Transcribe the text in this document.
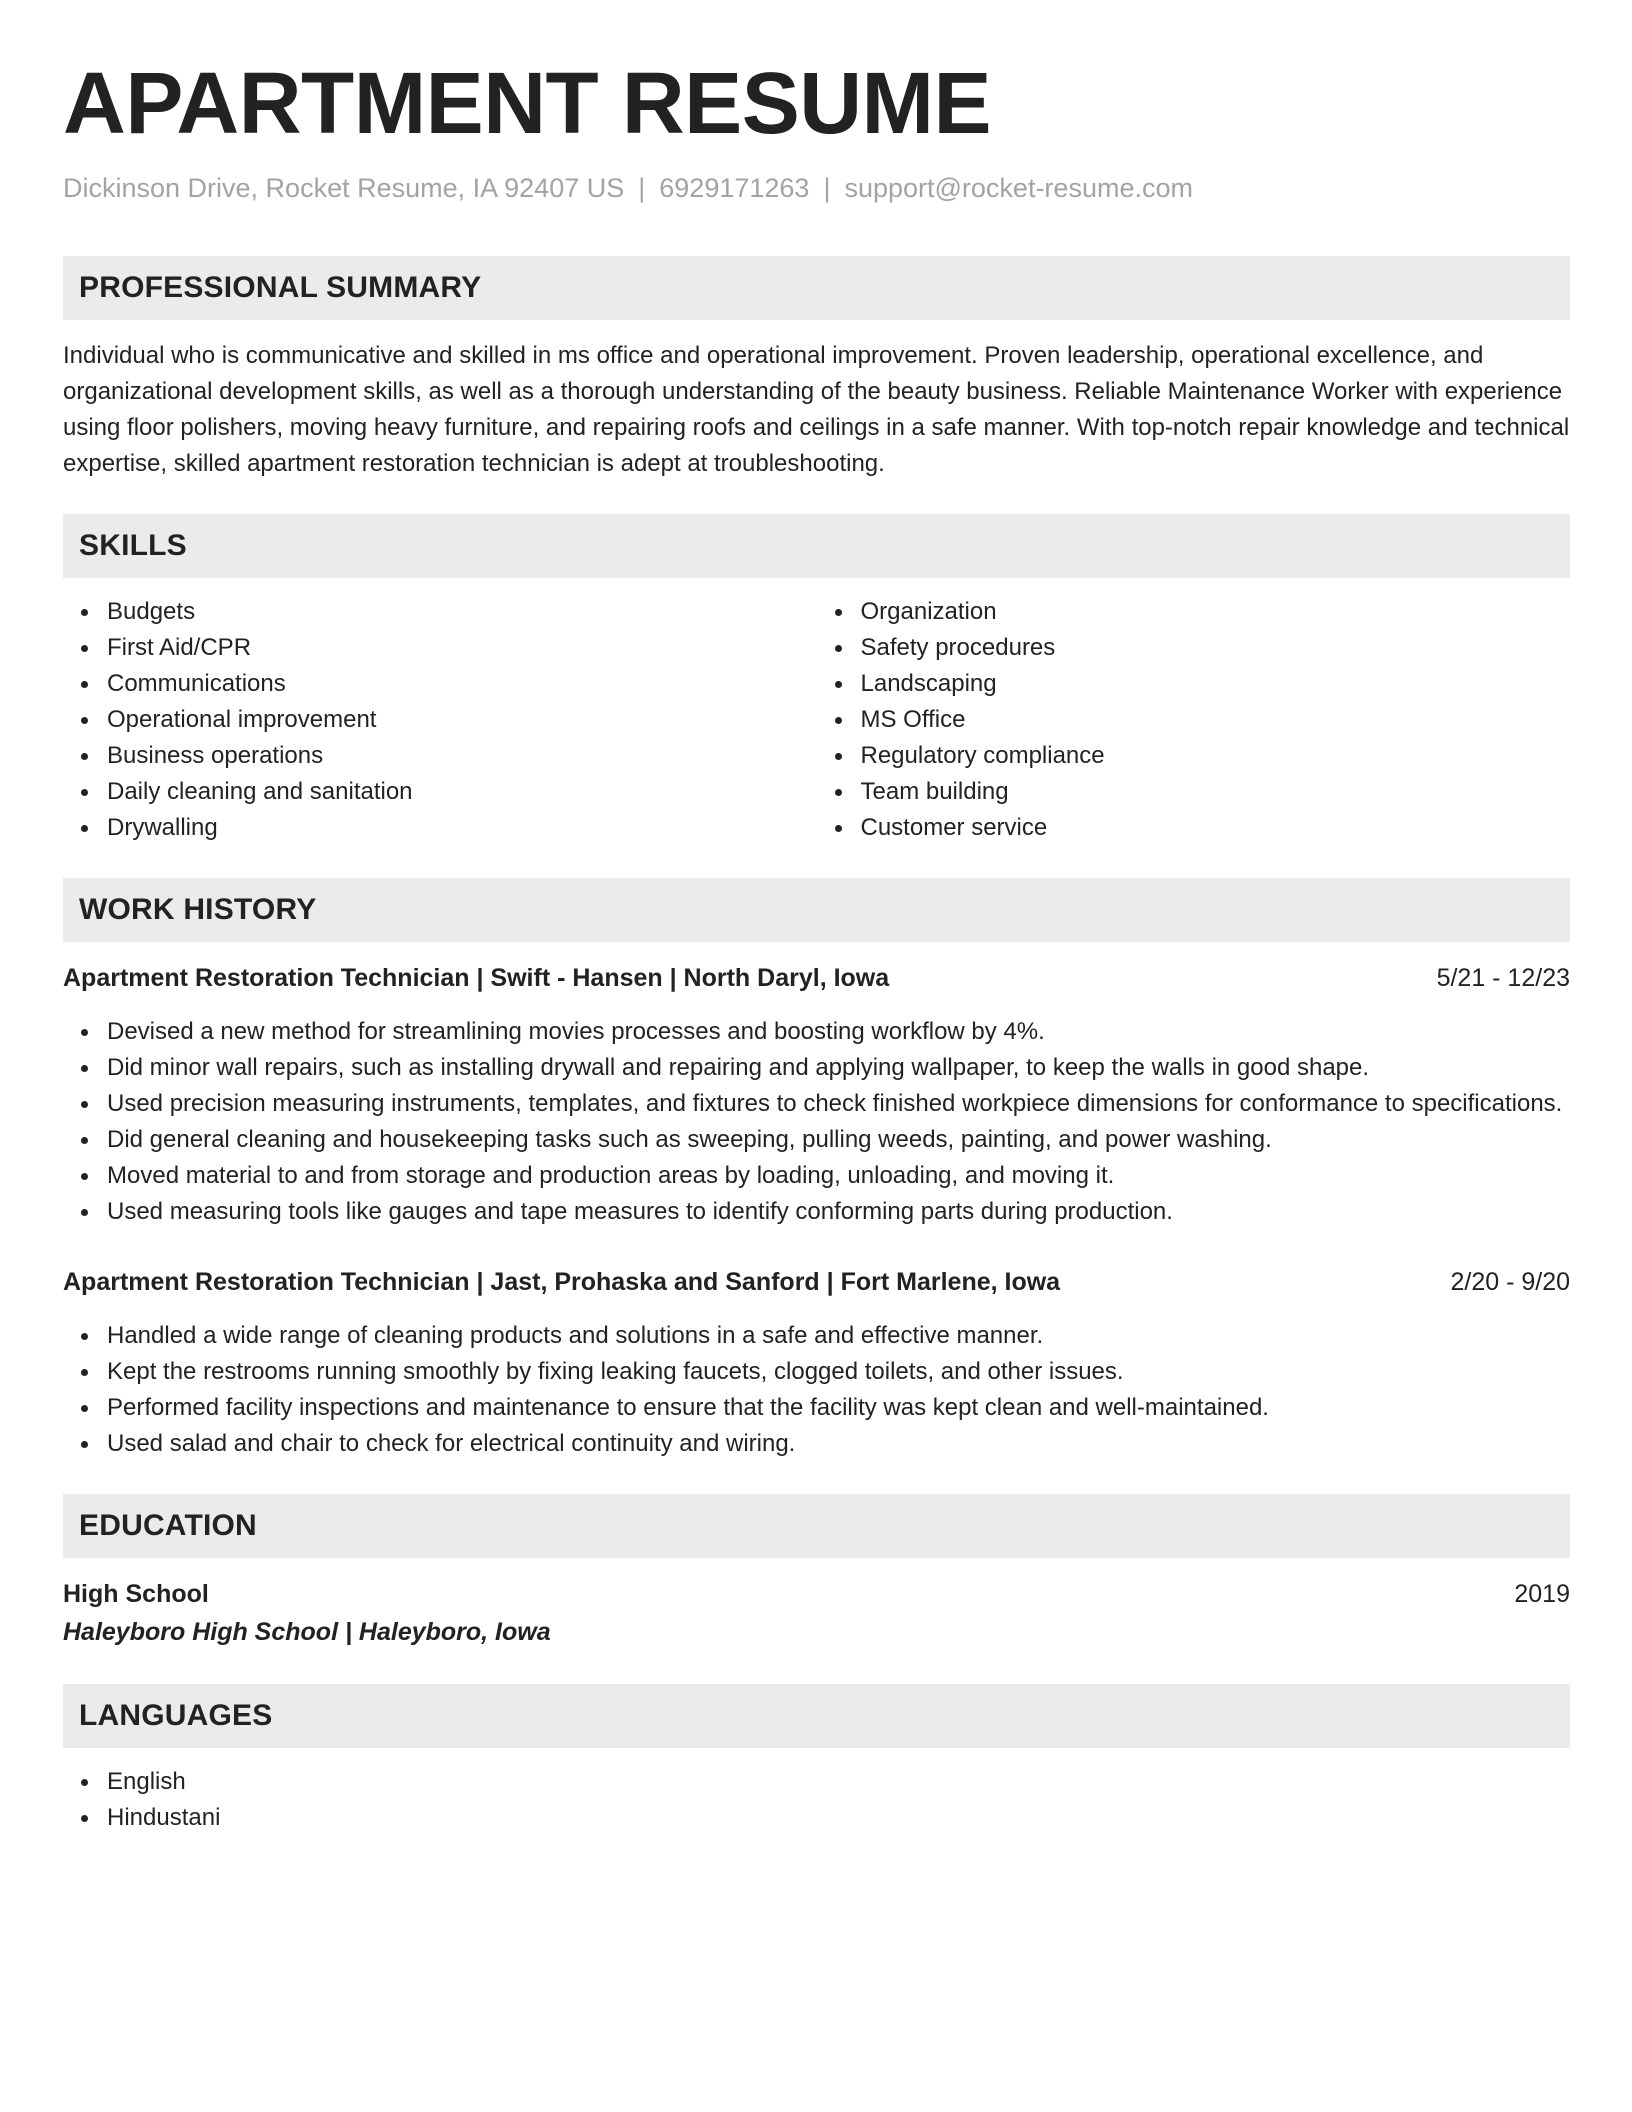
APARTMENT RESUME
Dickinson Drive, Rocket Resume, IA 92407 US | 6929171263 | support@rocket-resume.com
PROFESSIONAL SUMMARY
Individual who is communicative and skilled in ms office and operational improvement. Proven leadership, operational excellence, and organizational development skills, as well as a thorough understanding of the beauty business. Reliable Maintenance Worker with experience using floor polishers, moving heavy furniture, and repairing roofs and ceilings in a safe manner. With top-notch repair knowledge and technical expertise, skilled apartment restoration technician is adept at troubleshooting.
SKILLS
Budgets
First Aid/CPR
Communications
Operational improvement
Business operations
Daily cleaning and sanitation
Drywalling
Organization
Safety procedures
Landscaping
MS Office
Regulatory compliance
Team building
Customer service
WORK HISTORY
Apartment Restoration Technician | Swift - Hansen | North Daryl, Iowa	5/21 - 12/23
Devised a new method for streamlining movies processes and boosting workflow by 4%.
Did minor wall repairs, such as installing drywall and repairing and applying wallpaper, to keep the walls in good shape.
Used precision measuring instruments, templates, and fixtures to check finished workpiece dimensions for conformance to specifications.
Did general cleaning and housekeeping tasks such as sweeping, pulling weeds, painting, and power washing.
Moved material to and from storage and production areas by loading, unloading, and moving it.
Used measuring tools like gauges and tape measures to identify conforming parts during production.
Apartment Restoration Technician | Jast, Prohaska and Sanford | Fort Marlene, Iowa	2/20 - 9/20
Handled a wide range of cleaning products and solutions in a safe and effective manner.
Kept the restrooms running smoothly by fixing leaking faucets, clogged toilets, and other issues.
Performed facility inspections and maintenance to ensure that the facility was kept clean and well-maintained.
Used salad and chair to check for electrical continuity and wiring.
EDUCATION
High School	2019
Haleyboro High School | Haleyboro, Iowa
LANGUAGES
English
Hindustani
